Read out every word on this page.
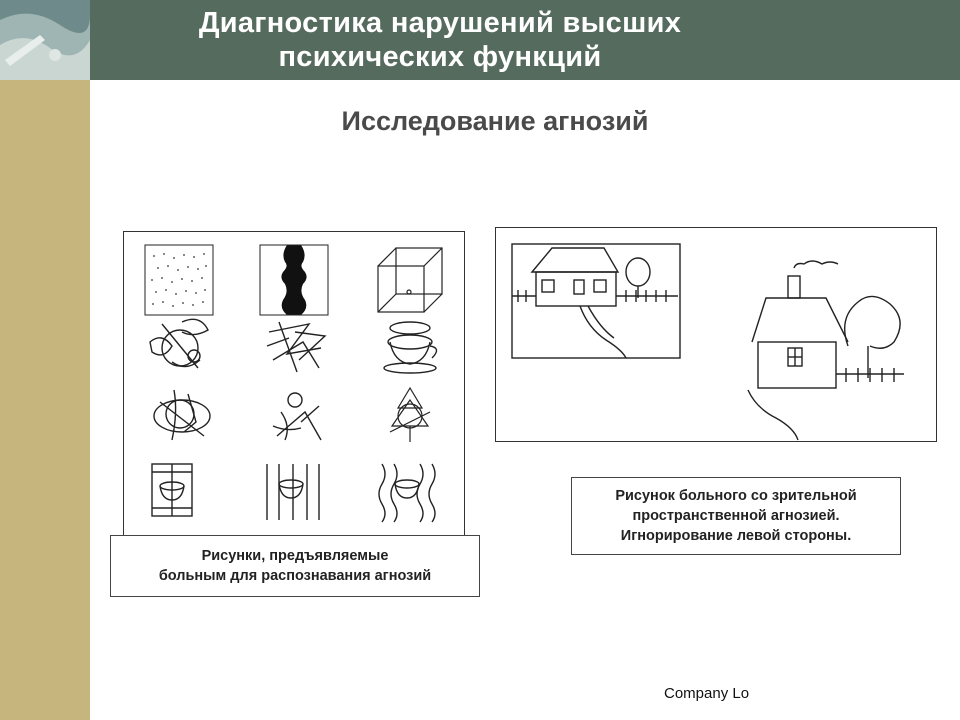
Диагностика нарушений высших
психических функций
Исследование агнозий
Рисунки, предъявляемые
больным для распознавания агнозий
Рисунок больного со зрительной
пространственной агнозией.
Игнорирование левой стороны.
Company Lo
